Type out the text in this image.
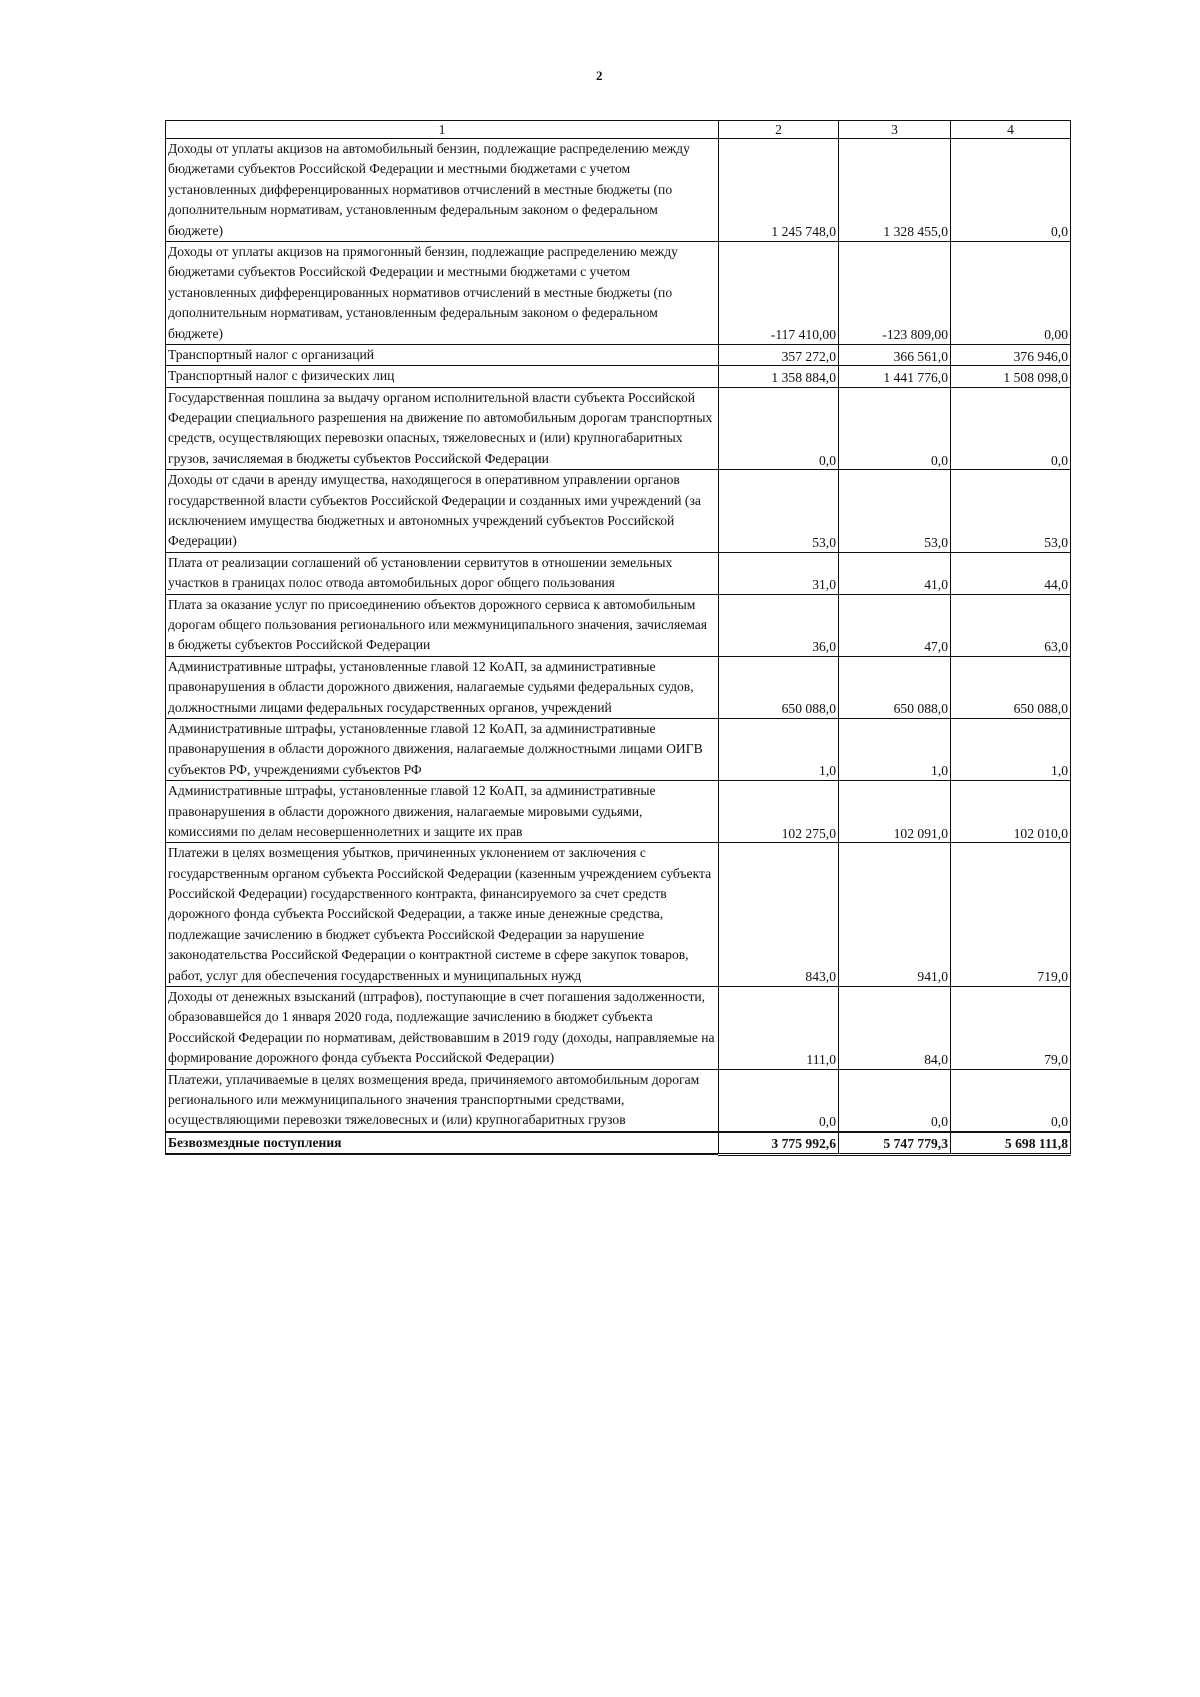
2
1	2	3	4
Доходы от уплаты акцизов на автомобильный бензин, подлежащие распределению между бюджетами субъектов Российской Федерации и местными бюджетами с учетом установленных дифференцированных нормативов отчислений в местные бюджеты (по дополнительным нормативам, установленным федеральным законом о федеральном бюджете)	1 245 748,0	1 328 455,0	0,0
Доходы от уплаты акцизов на прямогонный бензин, подлежащие распределению между бюджетами субъектов Российской Федерации и местными бюджетами с учетом установленных дифференцированных нормативов отчислений в местные бюджеты (по дополнительным нормативам, установленным федеральным законом о федеральном бюджете)	-117 410,00	-123 809,00	0,00
Транспортный налог с организаций	357 272,0	366 561,0	376 946,0
Транспортный налог с физических лиц	1 358 884,0	1 441 776,0	1 508 098,0
Государственная пошлина за выдачу органом исполнительной власти субъекта Российской Федерации специального разрешения на движение по автомобильным дорогам транспортных средств, осуществляющих перевозки опасных, тяжеловесных и (или) крупногабаритных грузов, зачисляемая в бюджеты субъектов Российской Федерации	0,0	0,0	0,0
Доходы от сдачи в аренду имущества, находящегося в оперативном управлении органов государственной власти субъектов Российской Федерации и созданных ими учреждений (за исключением имущества бюджетных и автономных учреждений субъектов Российской Федерации)	53,0	53,0	53,0
Плата от реализации соглашений об установлении сервитутов в отношении земельных участков в границах полос отвода автомобильных дорог общего пользования	31,0	41,0	44,0
Плата за оказание услуг по присоединению объектов дорожного сервиса к автомобильным дорогам общего пользования регионального или межмуниципального значения, зачисляемая в бюджеты субъектов Российской Федерации	36,0	47,0	63,0
Административные штрафы, установленные главой 12 КоАП, за административные правонарушения в области дорожного движения, налагаемые судьями федеральных судов, должностными лицами федеральных государственных органов, учреждений	650 088,0	650 088,0	650 088,0
Административные штрафы, установленные главой 12 КоАП, за административные правонарушения в области дорожного движения, налагаемые должностными лицами ОИГВ субъектов РФ, учреждениями субъектов РФ	1,0	1,0	1,0
Административные штрафы, установленные главой 12 КоАП, за административные правонарушения в области дорожного движения, налагаемые мировыми судьями, комиссиями по делам несовершеннолетних и защите их прав	102 275,0	102 091,0	102 010,0
Платежи в целях возмещения убытков, причиненных уклонением от заключения с государственным органом субъекта Российской Федерации (казенным учреждением субъекта Российской Федерации) государственного контракта, финансируемого за счет средств дорожного фонда субъекта Российской Федерации, а также иные денежные средства, подлежащие зачислению в бюджет субъекта Российской Федерации за нарушение законодательства Российской Федерации о контрактной системе в сфере закупок товаров, работ, услуг для обеспечения государственных и муниципальных нужд	843,0	941,0	719,0
Доходы от денежных взысканий (штрафов), поступающие в счет погашения задолженности, образовавшейся до 1 января 2020 года, подлежащие зачислению в бюджет субъекта Российской Федерации по нормативам, действовавшим в 2019 году (доходы, направляемые на формирование дорожного фонда субъекта Российской Федерации)	111,0	84,0	79,0
Платежи, уплачиваемые в целях возмещения вреда, причиняемого автомобильным дорогам регионального или межмуниципального значения транспортными средствами, осуществляющими перевозки тяжеловесных и (или) крупногабаритных грузов	0,0	0,0	0,0
Безвозмездные поступления	3 775 992,6	5 747 779,3	5 698 111,8
